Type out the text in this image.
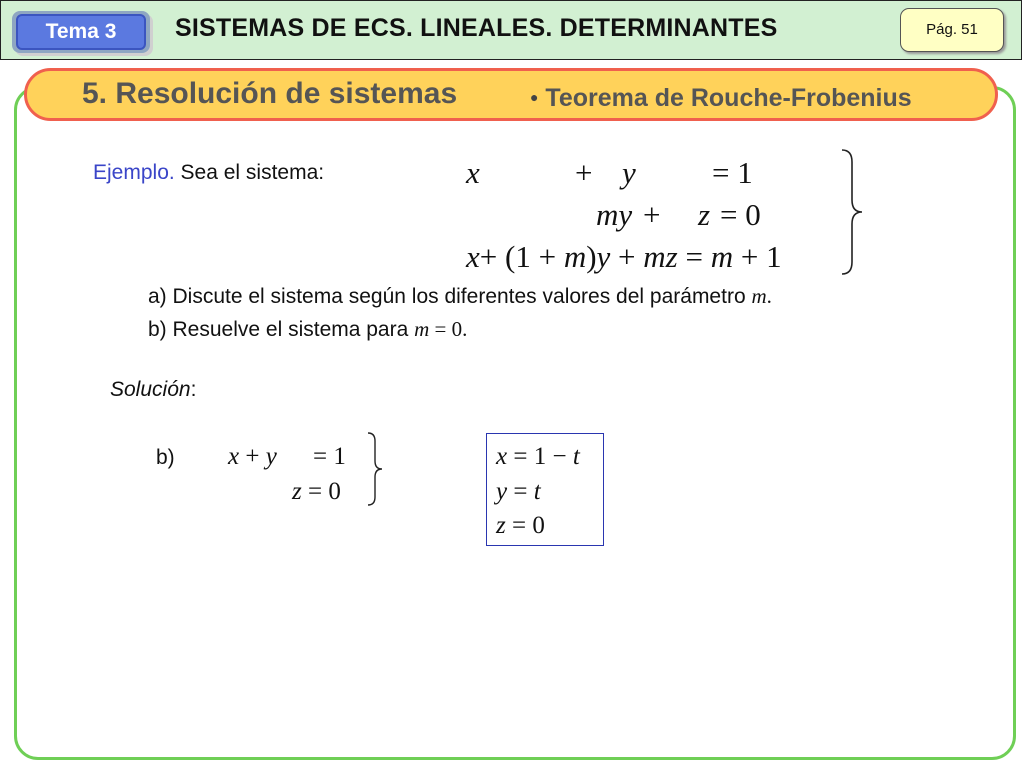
Tema 3	SISTEMAS DE ECS. LINEALES. DETERMINANTES	Pág. 51
5. Resolución de sistemas	● Teorema de Rouche-Frobenius
Ejemplo. Sea el sistema:	x	+ y = 1
my + z = 0
x+ (1 + m)y + mz = m + 1
a) Discute el sistema según los diferentes valores del parámetro m.
b) Resuelve el sistema para m = 0.
Solución:
b) x + y = 1
z = 0
x = 1 − t
y = t
z = 0
